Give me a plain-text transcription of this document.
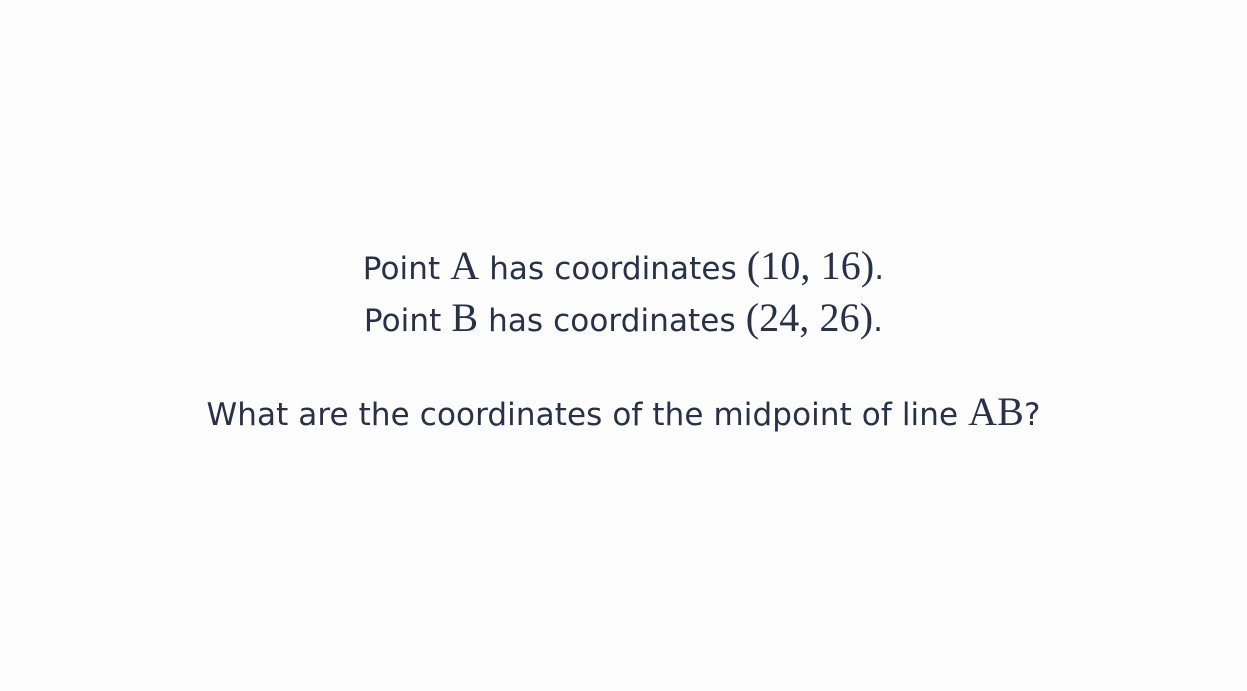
Point A has coordinates (10, 16).
Point B has coordinates (24, 26).
What are the coordinates of the midpoint of line AB?
